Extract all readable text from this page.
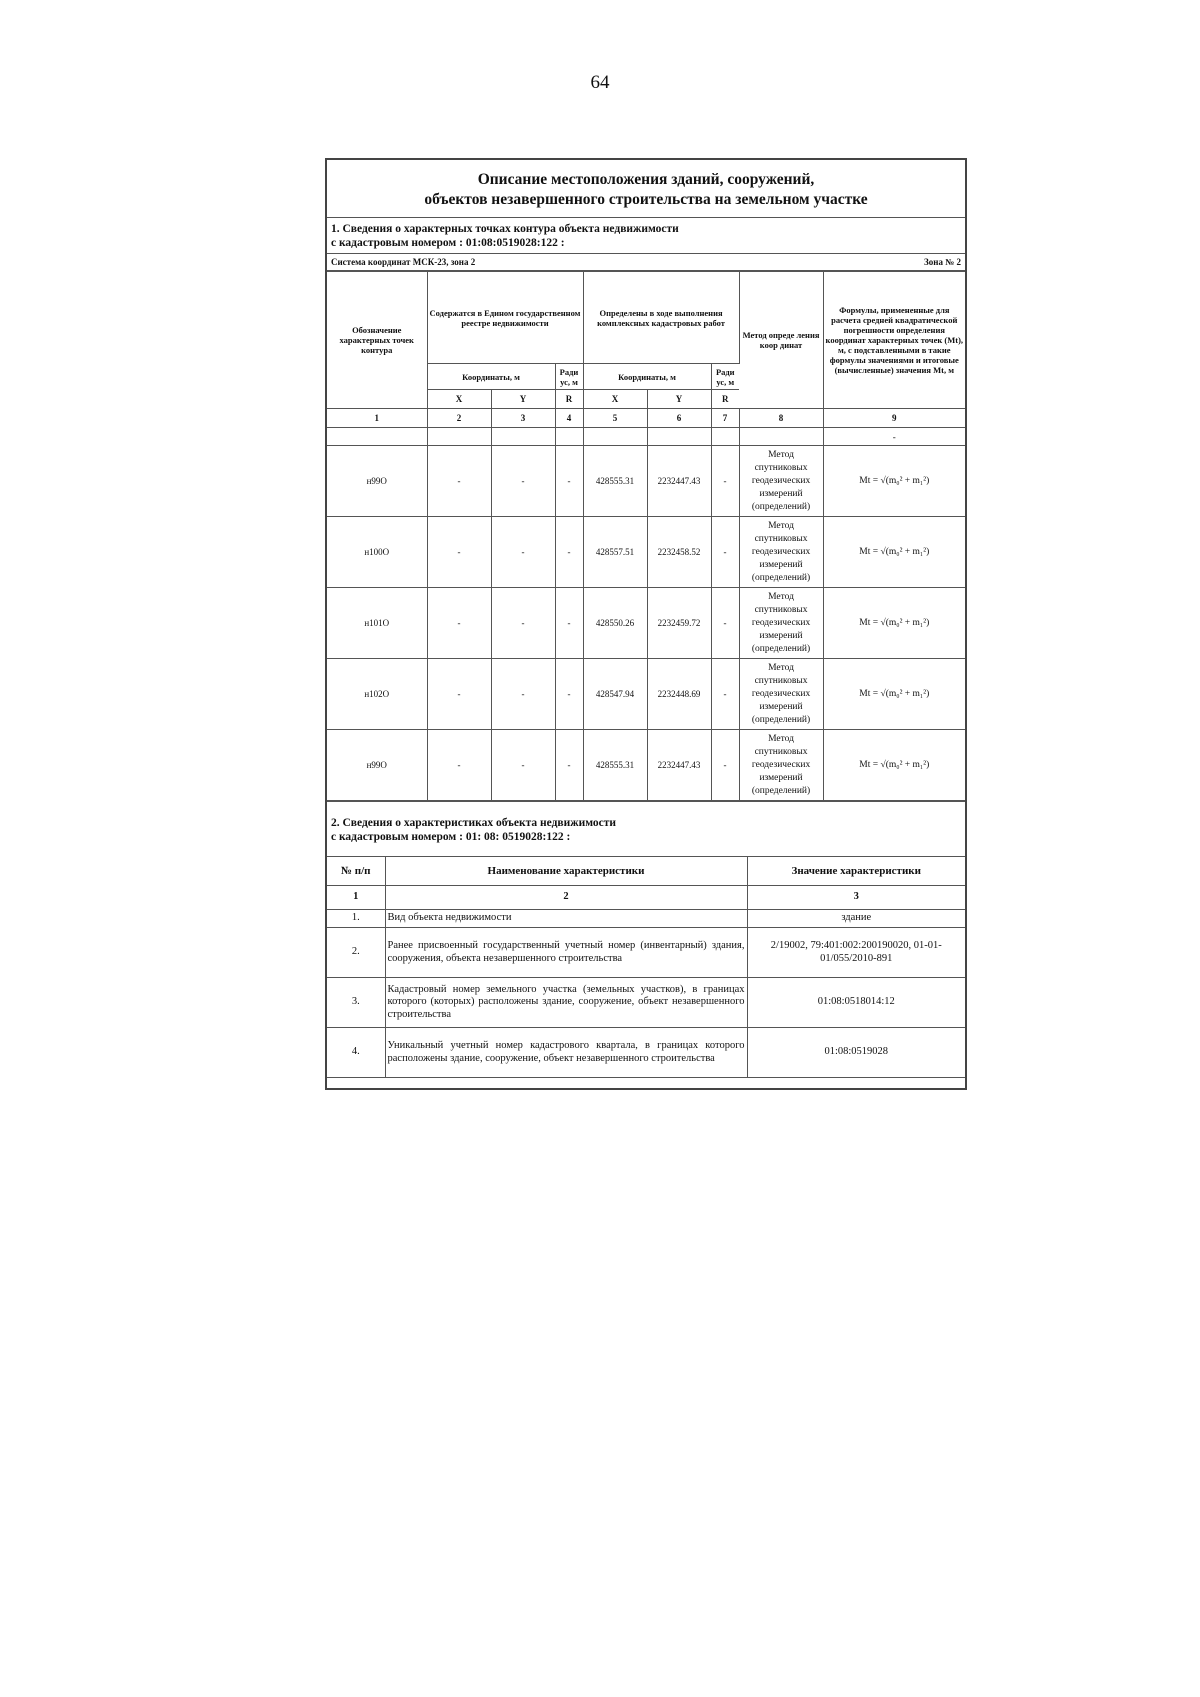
64
Описание местоположения зданий, сооружений,
объектов незавершенного строительства на земельном участке
1. Сведения о характерных точках контура объекта недвижимости
с кадастровым номером : 01:08:0519028:122 :
Система координат МСК-23, зона 2	Зона № 2
Обозначение характерных точек контура	Содержатся в Едином государственном реестре недвижимости			Определены в ходе выполнения комплексных кадастровых работ			Метод опреде ления коор динат	Формулы, примененные для расчета средней квадратической погрешности определения координат характерных точек (Mt), м, с подставленными в такие формулы значениями и итоговые (вычисленные) значения Mt, м
	Координаты, м		Ради ус, м	Координаты, м		Ради ус, м		
	X	Y	R	X	Y	R		
1	2	3	4	5	6	7	8	9
								-
н99О	-	-	-	428555.31	2232447.43	-	Метод спутниковых геодезических измерений (определений)	Mt = √(m₀² + m₁²)
н100О	-	-	-	428557.51	2232458.52	-	Метод спутниковых геодезических измерений (определений)	Mt = √(m₀² + m₁²)
н101О	-	-	-	428550.26	2232459.72	-	Метод спутниковых геодезических измерений (определений)	Mt = √(m₀² + m₁²)
н102О	-	-	-	428547.94	2232448.69	-	Метод спутниковых геодезических измерений (определений)	Mt = √(m₀² + m₁²)
н99О	-	-	-	428555.31	2232447.43	-	Метод спутниковых геодезических измерений (определений)	Mt = √(m₀² + m₁²)
2. Сведения о характеристиках объекта недвижимости
с кадастровым номером : 01: 08: 0519028:122 :
№ п/п	Наименование характеристики	Значение характеристики
1	2	3
1.	Вид объекта недвижимости	здание
2.	Ранее присвоенный государственный учетный номер (инвентарный) здания, сооружения, объекта незавершенного строительства	2/19002, 79:401:002:200190020, 01-01-01/055/2010-891
3.	Кадастровый номер земельного участка (земельных участков), в границах которого (которых) расположены здание, сооружение, объект незавершенного строительства	01:08:0518014:12
4.	Уникальный учетный номер кадастрового квартала, в границах которого расположены здание, сооружение, объект незавершенного строительства	01:08:0519028
